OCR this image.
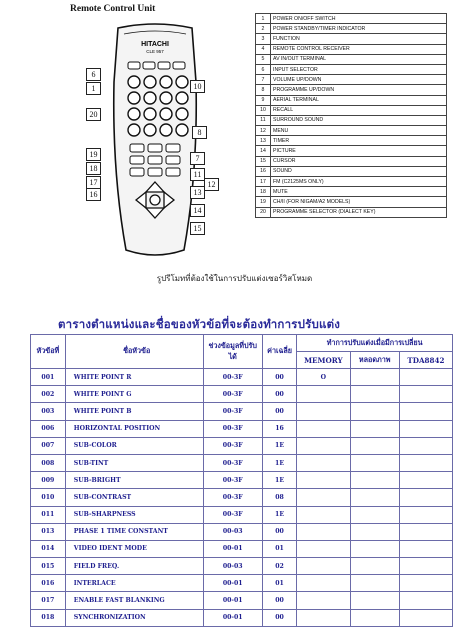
Remote Control Unit
HITACHI
CLE 957
6
1	10
20
8
19
18
17
16
7
11
12
13
14
15
1	POWER ON/OFF SWITCH
2	POWER STANDBY/TIMER INDICATOR
3	FUNCTION
4	REMOTE CONTROL RECEIVER
5	AV IN/OUT TERMINAL
6	INPUT SELECTOR
7	VOLUME UP/DOWN
8	PROGRAMME UP/DOWN
9	AERIAL TERMINAL
10	RECALL
11	SURROUND SOUND
12	MENU
13	TIMER
14	PICTURE
15	CURSOR
16	SOUND
17	FM (C2125MS ONLY)
18	MUTE
19	CH/II (FOR NIGAM/A2 MODELS)
20	PROGRAMME SELECTOR (DIALECT KEY)
รูปรีโมทที่ต้องใช้ในการปรับแต่งเซอร์วิสโหมด
ตารางตำแหน่งและชื่อของหัวข้อที่จะต้องทำการปรับแต่ง
หัวข้อที่	ชื่อหัวข้อ	ช่วงข้อมูลที่ปรับได้	ค่าเฉลี่ย	ทำการปรับแต่งเมื่อมีการเปลี่ยน		
				MEMORY	หลอดภาพ	TDA8842
001	WHITE POINT R	00-3F	00	O		
002	WHITE POINT G	00-3F	00			
003	WHITE POINT B	00-3F	00			
006	HORIZONTAL POSITION	00-3F	16			
007	SUB-COLOR	00-3F	1E			
008	SUB-TINT	00-3F	1E			
009	SUB-BRIGHT	00-3F	1E			
010	SUB-CONTRAST	00-3F	08			
011	SUB-SHARPNESS	00-3F	1E			
013	PHASE 1 TIME CONSTANT	00-03	00			
014	VIDEO IDENT MODE	00-01	01			
015	FIELD FREQ.	00-03	02			
016	INTERLACE	00-01	01			
017	ENABLE FAST BLANKING	00-01	00			
018	SYNCHRONIZATION	00-01	00			
